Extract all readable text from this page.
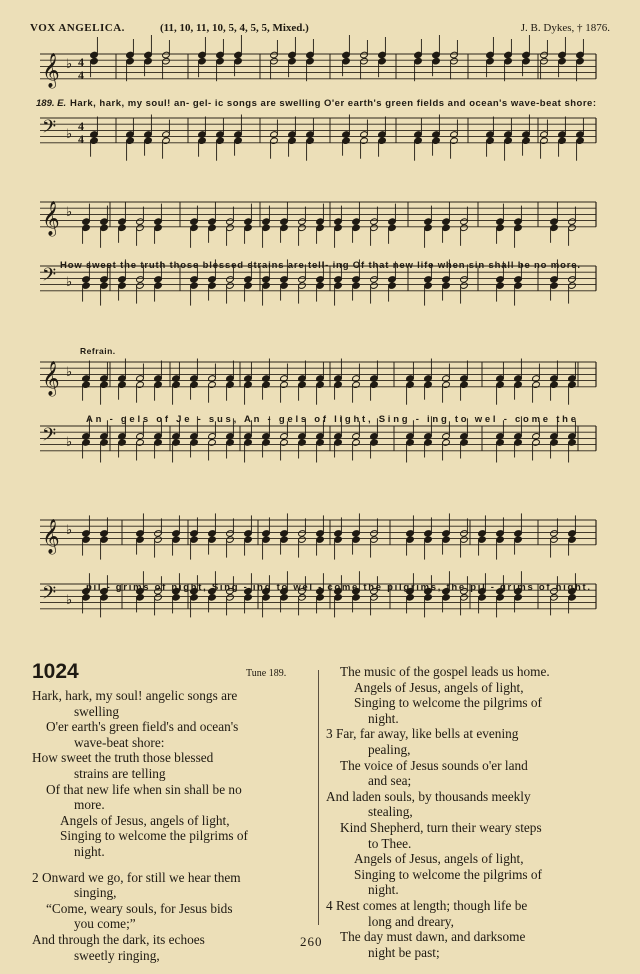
VOX ANGELICA.	(11, 10, 11, 10, 5, 4, 5, 5, Mixed.)	J. B. Dykes, † 1876.
𝄞 ♭ 4
4
𝄢 ♭ 4
4
Hark, hark, my soul! an- gel- ic songs are swelling O'er earth's green fields and ocean's wave-beat shore:
𝄞 ♭
𝄢 ♭
How sweet the truth those blessed strains are tell- ing Of that new life when sin shall be no more.
𝄞 ♭
𝄢 ♭
An - gels of Je - sus, An - gels of light, Sing - ing to wel - come the
𝄞 ♭
𝄢 ♭
pil - grims of night, Sing - ing to wel - come the pilgrims, the pil - grims of night.
189. E.
Refrain.
1024	Tune 189.
Hark, hark, my soul! angelic songs are
swelling
O'er earth's green field's and ocean's
wave-beat shore:
How sweet the truth those blessed
strains are telling
Of that new life when sin shall be no
more.
Angels of Jesus, angels of light,
Singing to welcome the pilgrims of
night.
2 Onward we go, for still we hear them
singing,
“Come, weary souls, for Jesus bids
you come;”
And through the dark, its echoes
sweetly ringing,
The music of the gospel leads us home.
Angels of Jesus, angels of light,
Singing to welcome the pilgrims of
night.
3 Far, far away, like bells at evening
pealing,
The voice of Jesus sounds o'er land
and sea;
And laden souls, by thousands meekly
stealing,
Kind Shepherd, turn their weary steps
to Thee.
Angels of Jesus, angels of light,
Singing to welcome the pilgrims of
night.
4 Rest comes at length; though life be
long and dreary,
The day must dawn, and darksome
night be past;
260
